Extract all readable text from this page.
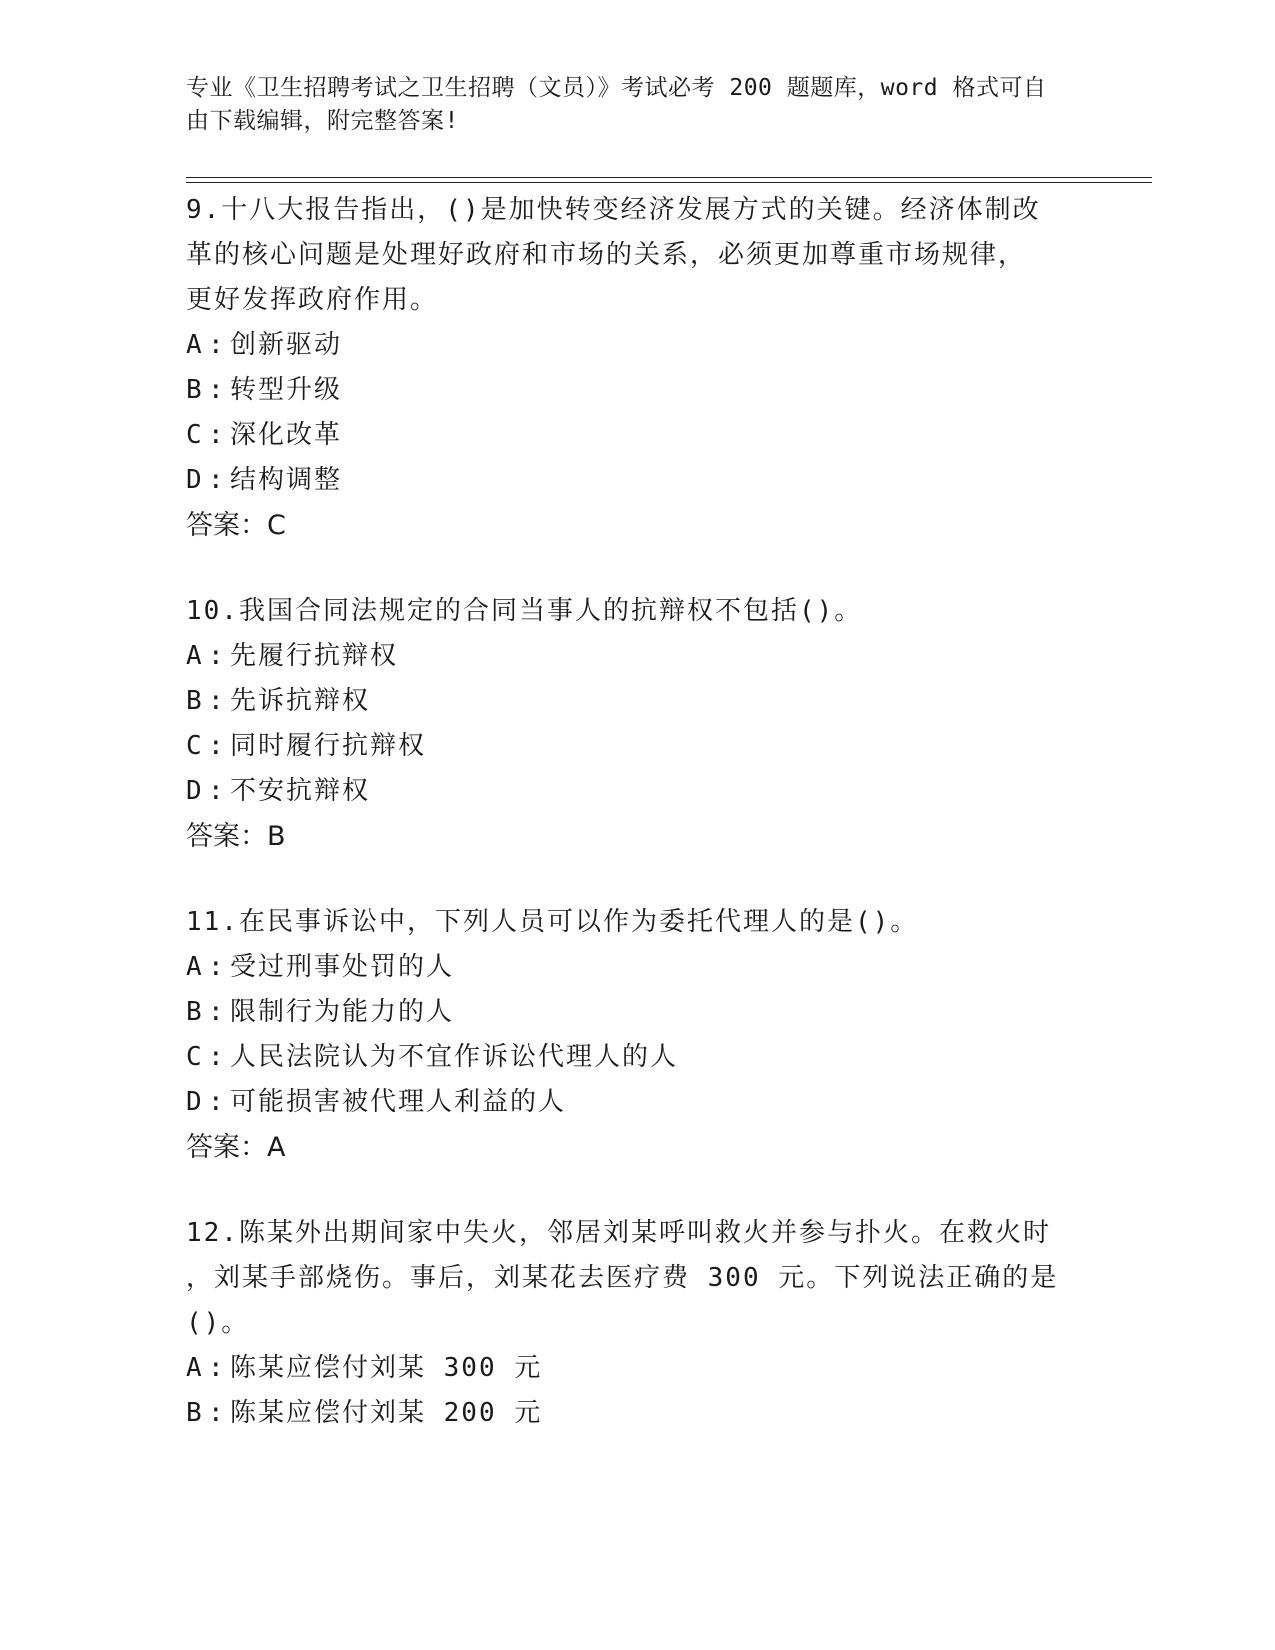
专业《卫生招聘考试之卫生招聘（文员）》考试必考 200 题题库，word 格式可自
由下载编辑，附完整答案!
9.十八大报告指出，()是加快转变经济发展方式的关键。经济体制改
革的核心问题是处理好政府和市场的关系，必须更加尊重市场规律，
更好发挥政府作用。
A : 创新驱动
B : 转型升级
C : 深化改革
D : 结构调整
答案：C
10.我国合同法规定的合同当事人的抗辩权不包括()。
A : 先履行抗辩权
B : 先诉抗辩权
C : 同时履行抗辩权
D : 不安抗辩权
答案：B
11.在民事诉讼中，下列人员可以作为委托代理人的是()。
A : 受过刑事处罚的人
B : 限制行为能力的人
C : 人民法院认为不宜作诉讼代理人的人
D : 可能损害被代理人利益的人
答案：A
12.陈某外出期间家中失火，邻居刘某呼叫救火并参与扑火。在救火时
，刘某手部烧伤。事后，刘某花去医疗费 300 元。下列说法正确的是
()。
A : 陈某应偿付刘某 300 元
B : 陈某应偿付刘某 200 元
